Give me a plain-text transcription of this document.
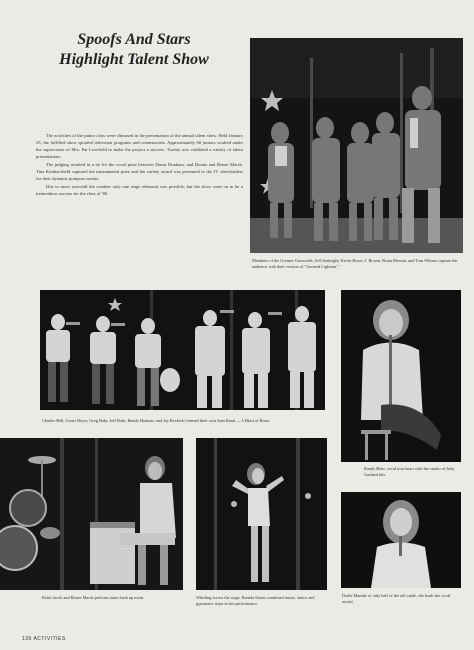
Spoofs And Stars
Highlight Talent Show

The activities of the junior class were climaxed in the presentation of the annual talent show. Held January 25, the fulfilled show spoofed television programs and commercials. Approximately 60 juniors worked under the supervision of Mrs. Pat Lovefield to make the project a success. Twenty acts exhibited a variety of talent presentations.

The judging resulted in a tie for the vocal prize between Dawn Dunham, and Donna and Renee Marsh. Tina Kimberafield captured the instrumental prize and the variety award was presented to the JV cheerleaders for their dynamic pompon routine.

Due to more snowfall the weather only one stage rehearsal was possible, but the show went on to be a tremendous success for the class of '86.

Members of the Greaser Greasealls. Jeff Seabright, Kevin Beyer, J. Brown, Brian Merson, and Tom Wilmes capture the audience with their version of "Greased Lightnin'."
Charles Bell, Curtis Beyer, Greg Bohr, Jeff Bohr, Randy Herman, and Jay Reckerle formed their own Sam Band — A Blast of Brass.
Randy Bohr, vocal tour heart with her studio of Judy Garland hits.
Keith Jacob and Renee Marsh perform tunes back up mom.	Whirling across the stage, Brenda Storm combined music, dance and gymnastic steps in her performance.
Dodie Mander of only half of the tall cattle, she leads the vocal award.
136 ACTIVITIES
